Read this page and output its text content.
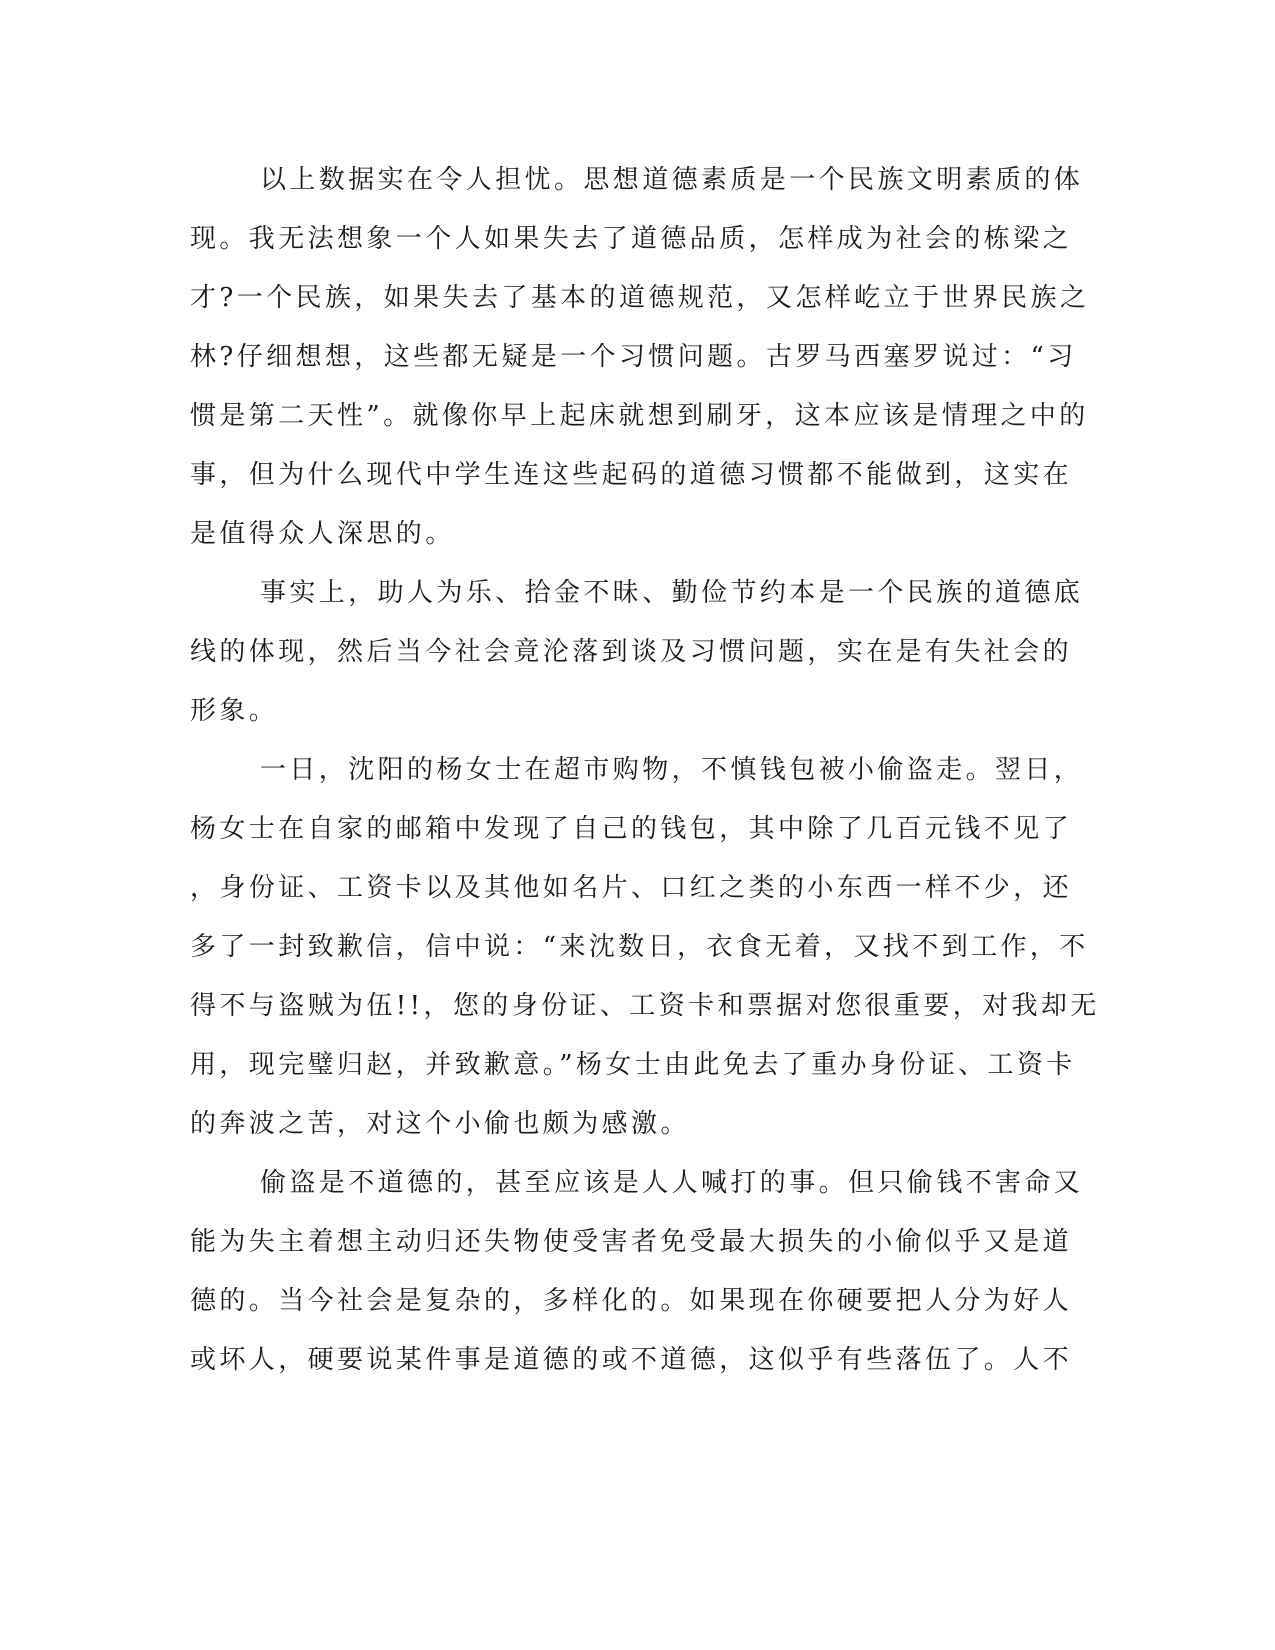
以上数据实在令人担忧。思想道德素质是一个民族文明素质的体
现。我无法想象一个人如果失去了道德品质，怎样成为社会的栋梁之
才?一个民族，如果失去了基本的道德规范，又怎样屹立于世界民族之
林?仔细想想，这些都无疑是一个习惯问题。古罗马西塞罗说过：“习
惯是第二天性”。就像你早上起床就想到刷牙，这本应该是情理之中的
事，但为什么现代中学生连这些起码的道德习惯都不能做到，这实在
是值得众人深思的。
事实上，助人为乐、拾金不昧、勤俭节约本是一个民族的道德底
线的体现，然后当今社会竟沦落到谈及习惯问题，实在是有失社会的
形象。
一日，沈阳的杨女士在超市购物，不慎钱包被小偷盗走。翌日，
杨女士在自家的邮箱中发现了自己的钱包，其中除了几百元钱不见了
，身份证、工资卡以及其他如名片、口红之类的小东西一样不少，还
多了一封致歉信，信中说：“来沈数日，衣食无着，又找不到工作，不
得不与盗贼为伍!!，您的身份证、工资卡和票据对您很重要，对我却无
用，现完璧归赵，并致歉意。”杨女士由此免去了重办身份证、工资卡
的奔波之苦，对这个小偷也颇为感激。
偷盗是不道德的，甚至应该是人人喊打的事。但只偷钱不害命又
能为失主着想主动归还失物使受害者免受最大损失的小偷似乎又是道
德的。当今社会是复杂的，多样化的。如果现在你硬要把人分为好人
或坏人，硬要说某件事是道德的或不道德，这似乎有些落伍了。人不
